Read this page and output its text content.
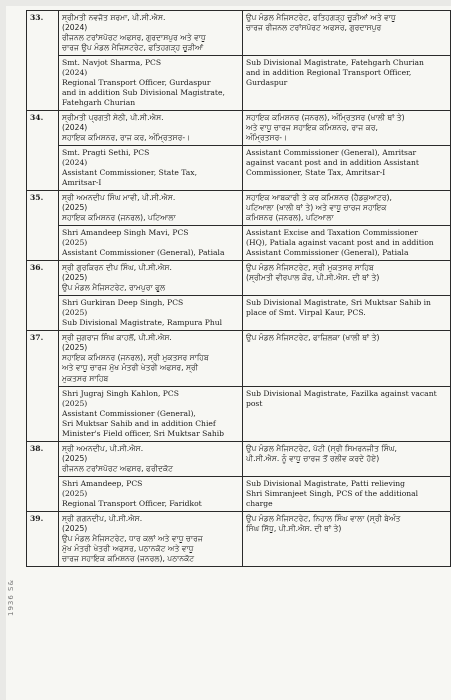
1936 S&
33.	ਸ੍ਰੀਮਤੀ ਨਵਜੋਤ ਸ਼ਰਮਾ, ਪੀ.ਸੀ.ਐਸ.
(2024)
ਰੀਜਨਲ ਟਰਾਂਸਪੋਰਟ ਅਫਸਰ, ਗੁਰਦਾਸਪੁਰ ਅਤੇ ਵਾਧੂ
ਚਾਰਜ ਉਪ ਮੰਡਲ ਮੈਜਿਸਟਰੇਟ, ਫਤਿਹਗੜ੍ਹ ਚੂੜੀਆਂ	ਉਪ ਮੰਡਲ ਮੈਜਿਸਟਰੇਟ, ਫਤਿਹਗੜ੍ਹ ਚੂੜੀਆਂ ਅਤੇ ਵਾਧੂ
ਚਾਰਜ ਰੀਜਨਲ ਟਰਾਂਸਪੋਰਟ ਅਫਸਰ, ਗੁਰਦਾਸਪੁਰ

	Smt. Navjot Sharma, PCS
(2024)
Regional Transport Officer, Gurdaspur
and in addition Sub Divisional Magistrate,
Fatehgarh Churian	Sub Divisional Magistrate, Fatehgarh Churian
and in addition Regional Transport Officer,
Gurdaspur

34.	ਸ੍ਰੀਮਤੀ ਪ੍ਰਗਤੀ ਸੇਠੀ, ਪੀ.ਸੀ.ਐਸ.
(2024)
ਸਹਾਇਕ ਕਮਿਸ਼ਨਰ, ਰਾਜ ਕਰ, ਅੰਮ੍ਰਿਤਸਰ-।	ਸਹਾਇਕ ਕਮਿਸ਼ਨਰ (ਜਨਰਲ), ਅੰਮ੍ਰਿਤਸਰ (ਖਾਲੀ ਥਾਂ ਤੇ)
ਅਤੇ ਵਾਧੂ ਚਾਰਜ ਸਹਾਇਕ ਕਮਿਸ਼ਨਰ, ਰਾਜ ਕਰ,
ਅੰਮ੍ਰਿਤਸਰ-।

	Smt. Pragti Sethi, PCS
(2024)
Assistant Commissioner, State Tax,
Amritsar-I	Assistant Commissioner (General), Amritsar
against vacant post and in addition Assistant
Commissioner, State Tax, Amritsar-I

35.	ਸ੍ਰੀ ਅਮਨਦੀਪ ਸਿੰਘ ਮਾਵੀ, ਪੀ.ਸੀ.ਐਸ.
(2025)
ਸਹਾਇਕ ਕਮਿਸ਼ਨਰ (ਜਨਰਲ), ਪਟਿਆਲਾ	ਸਹਾਇਕ ਆਬਕਾਰੀ ਤੇ ਕਰ ਕਮਿਸ਼ਨਰ (ਹੈਡਕੁਆਟਰ),
ਪਟਿਆਲਾ (ਖਾਲੀ ਥਾਂ ਤੇ) ਅਤੇ ਵਾਧੂ ਚਾਰਜ ਸਹਾਇਕ
ਕਮਿਸ਼ਨਰ (ਜਨਰਲ), ਪਟਿਆਲਾ

	Shri Amandeep Singh Mavi, PCS
(2025)
Assistant Commissioner (General), Patiala	Assistant Excise and Taxation Commissioner
(HQ), Patiala against vacant post and in addition
Assistant Commissioner (General), Patiala

36.	ਸ੍ਰੀ ਗੁਰਕਿਰਨ ਦੀਪ ਸਿੰਘ, ਪੀ.ਸੀ.ਐਸ.
(2025)
ਉਪ ਮੰਡਲ ਮੈਜਿਸਟਰੇਟ, ਰਾਮਪੁਰਾ ਫੂਲ	ਉਪ ਮੰਡਲ ਮੈਜਿਸਟਰੇਟ, ਸ੍ਰੀ ਮੁਕਤਸਰ ਸਾਹਿਬ
(ਸ੍ਰੀਮਤੀ ਵੀਰਪਾਲ ਕੌਰ, ਪੀ.ਸੀ.ਐਸ. ਦੀ ਥਾਂ ਤੇ)

	Shri Gurkiran Deep Singh, PCS
(2025)
Sub Divisional Magistrate, Rampura Phul	Sub Divisional Magistrate, Sri Muktsar Sahib in
place of Smt. Virpal Kaur, PCS.

37.	ਸ੍ਰੀ ਜੁਗਰਾਜ ਸਿੰਘ ਕਾਹਲੋਂ, ਪੀ.ਸੀ.ਐਸ.
(2025)
ਸਹਾਇਕ ਕਮਿਸ਼ਨਰ (ਜਨਰਲ), ਸ੍ਰੀ ਮੁਕਤਸਰ ਸਾਹਿਬ
ਅਤੇ ਵਾਧੂ ਚਾਰਜ ਮੁੱਖ ਮੰਤਰੀ ਖੇਤਰੀ ਅਫਸਰ, ਸ੍ਰੀ
ਮੁਕਤਸਰ ਸਾਹਿਬ	ਉਪ ਮੰਡਲ ਮੈਜਿਸਟਰੇਟ, ਫਾਜ਼ਿਲਕਾ (ਖਾਲੀ ਥਾਂ ਤੇ)

	Shri Jugraj Singh Kahlon, PCS
(2025)
Assistant Commissioner (General),
Sri Muktsar Sahib and in addition Chief
Minister's Field officer, Sri Muktsar Sahib	Sub Divisional Magistrate, Fazilka against vacant
post

38.	ਸ੍ਰੀ ਅਮਨਦੀਪ, ਪੀ.ਸੀ.ਐਸ.
(2025)
ਰੀਜਨਲ ਟਰਾਂਸਪੋਰਟ ਅਫਸਰ, ਫਰੀਦਕੋਟ	ਉਪ ਮੰਡਲ ਮੈਜਿਸਟਰੇਟ, ਪੱਟੀ (ਸ੍ਰੀ ਸਿਮਰਨਜੀਤ ਸਿੰਘ,
ਪੀ.ਸੀ.ਐਸ. ਨੂੰ ਵਾਧੂ ਚਾਰਜ ਤੋਂ ਰਲੀਵ ਕਰਦੇ ਹੋਏ)

	Shri Amandeep, PCS
(2025)
Regional Transport Officer, Faridkot	Sub Divisional Magistrate, Patti relieving
Shri Simranjeet Singh, PCS of the additional
charge

39.	ਸ੍ਰੀ ਗਗਨਦੀਪ, ਪੀ.ਸੀ.ਐਸ.
(2025)
ਉਪ ਮੰਡਲ ਮੈਜਿਸਟਰੇਟ, ਧਾਰ ਕਲਾਂ ਅਤੇ ਵਾਧੂ ਚਾਰਜ
ਮੁੱਖ ਮੰਤਰੀ ਖੇਤਰੀ ਅਫਸਰ, ਪਠਾਨਕੋਟ ਅਤੇ ਵਾਧੂ
ਚਾਰਜ ਸਹਾਇਕ ਕਮਿਸ਼ਨਰ (ਜਨਰਲ), ਪਠਾਨਕੋਟ	ਉਪ ਮੰਡਲ ਮੈਜਿਸਟਰੇਟ, ਨਿਹਾਲ ਸਿੰਘ ਵਾਲਾ (ਸ੍ਰੀ ਬੇਅੰਤ
ਸਿੰਘ ਸਿੱਧੂ, ਪੀ.ਸੀ.ਐਸ. ਦੀ ਥਾਂ ਤੇ)
